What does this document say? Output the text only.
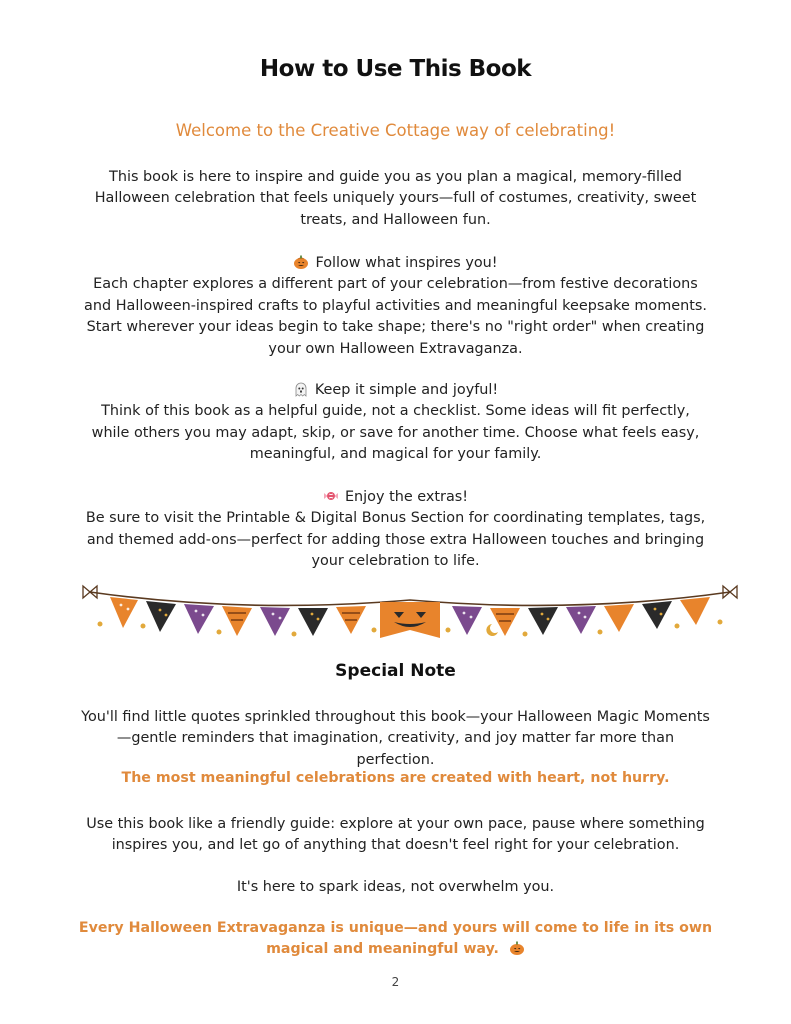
How to Use This Book
Welcome to the Creative Cottage way of celebrating!
This book is here to inspire and guide you as you plan a magical, memory-filled Halloween celebration that feels uniquely yours—full of costumes, creativity, sweet treats, and Halloween fun.
Follow what inspires you!
Each chapter explores a different part of your celebration—from festive decorations and Halloween-inspired crafts to playful activities and meaningful keepsake moments. Start wherever your ideas begin to take shape; there's no "right order" when creating your own Halloween Extravaganza.
Keep it simple and joyful!
Think of this book as a helpful guide, not a checklist. Some ideas will fit perfectly, while others you may adapt, skip, or save for another time. Choose what feels easy, meaningful, and magical for your family.
Enjoy the extras!
Be sure to visit the Printable & Digital Bonus Section for coordinating templates, tags, and themed add-ons—perfect for adding those extra Halloween touches and bringing your celebration to life.
Special Note
You'll find little quotes sprinkled throughout this book—your Halloween Magic Moments—gentle reminders that imagination, creativity, and joy matter far more than perfection.
The most meaningful celebrations are created with heart, not hurry.
Use this book like a friendly guide: explore at your own pace, pause where something inspires you, and let go of anything that doesn't feel right for your celebration.
It's here to spark ideas, not overwhelm you.
Every Halloween Extravaganza is unique—and yours will come to life in its own magical and meaningful way.
2
